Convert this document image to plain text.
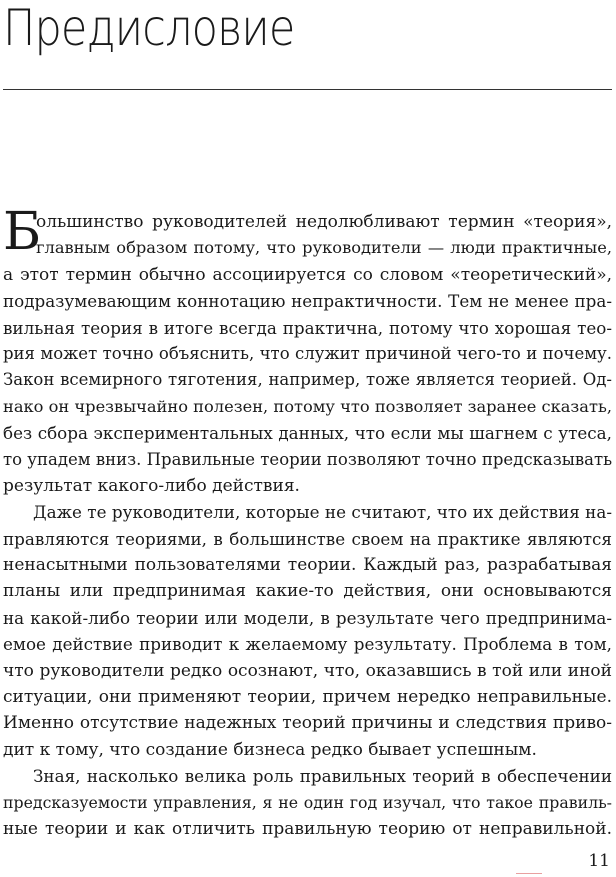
Предисловие
Б
ольшинство руководителей недолюбливают термин «теория»,
главным образом потому, что руководители — люди практичные,
а этот термин обычно ассоциируется со словом «теоретический»,
подразумевающим коннотацию непрактичности. Тем не менее пра-
вильная теория в итоге всегда практична, потому что хорошая тео-
рия может точно объяснить, что служит причиной чего-то и почему.
Закон всемирного тяготения, например, тоже является теорией. Од-
нако он чрезвычайно полезен, потому что позволяет заранее сказать,
без сбора экспериментальных данных, что если мы шагнем с утеса,
то упадем вниз. Правильные теории позволяют точно предсказывать
результат какого-либо действия.
Даже те руководители, которые не считают, что их действия на-
правляются теориями, в большинстве своем на практике являются
ненасытными пользователями теории. Каждый раз, разрабатывая
планы или предпринимая какие-то действия, они основываются
на какой-либо теории или модели, в результате чего предпринима-
емое действие приводит к желаемому результату. Проблема в том,
что руководители редко осознают, что, оказавшись в той или иной
ситуации, они применяют теории, причем нередко неправильные.
Именно отсутствие надежных теорий причины и следствия приво-
дит к тому, что создание бизнеса редко бывает успешным.
Зная, насколько велика роль правильных теорий в обеспечении
предсказуемости управления, я не один год изучал, что такое правиль-
ные теории и как отличить правильную теорию от неправильной.
11
